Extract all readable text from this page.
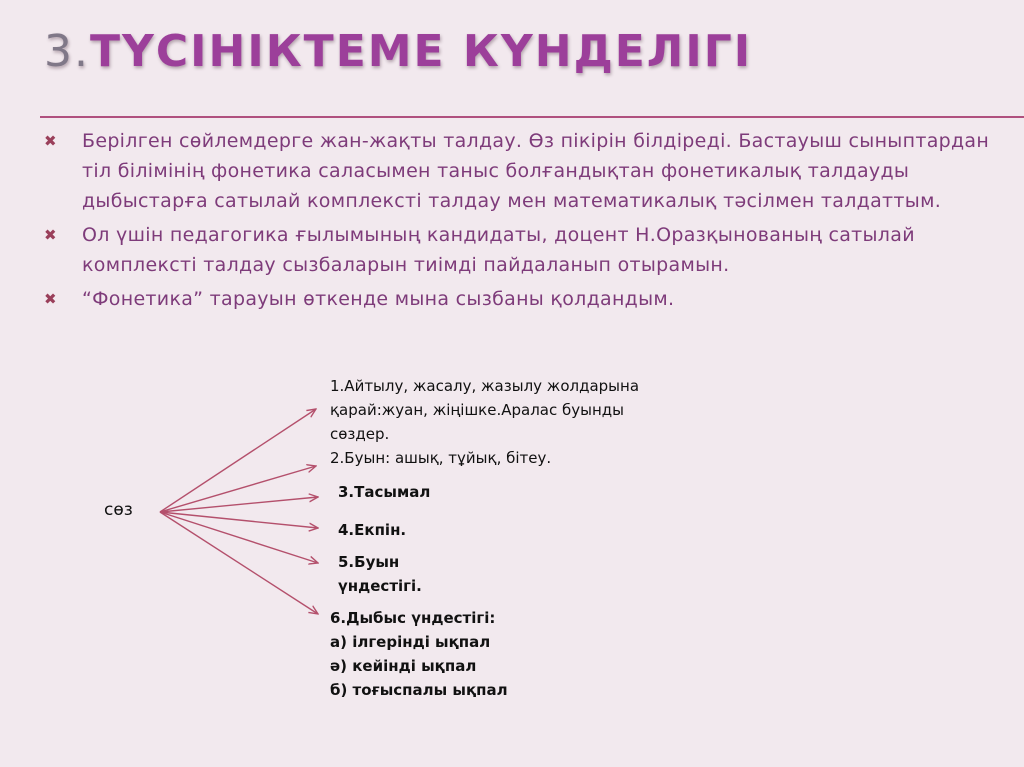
3.ТҮСІНІКТЕМЕ КҮНДЕЛІГІ
✖ Берілген сөйлемдерге жан-жақты талдау. Өз пікірін білдіреді. Бастауыш сыныптардан тіл білімінің фонетика саласымен таныс болғандықтан фонетикалық талдауды дыбыстарға сатылай комплексті талдау мен математикалық тәсілмен талдаттым.
✖ Ол үшін педагогика ғылымының кандидаты, доцент Н.Оразқынованың сатылай комплексті талдау сызбаларын тиімді пайдаланып отырамын.
✖ “Фонетика” тарауын өткенде мына сызбаны қолдандым.
сөз
1.Айтылу, жасалу, жазылу жолдарына
қарай:жуан, жіңішке.Аралас буынды
сөздер.
2.Буын: ашық, тұйық, бітеу.
3.Тасымал
4.Екпін.
5.Буын
үндестігі.
6.Дыбыс үндестігі:
а) ілгерінді ықпал
ә) кейінді ықпал
б) тоғыспалы ықпал
